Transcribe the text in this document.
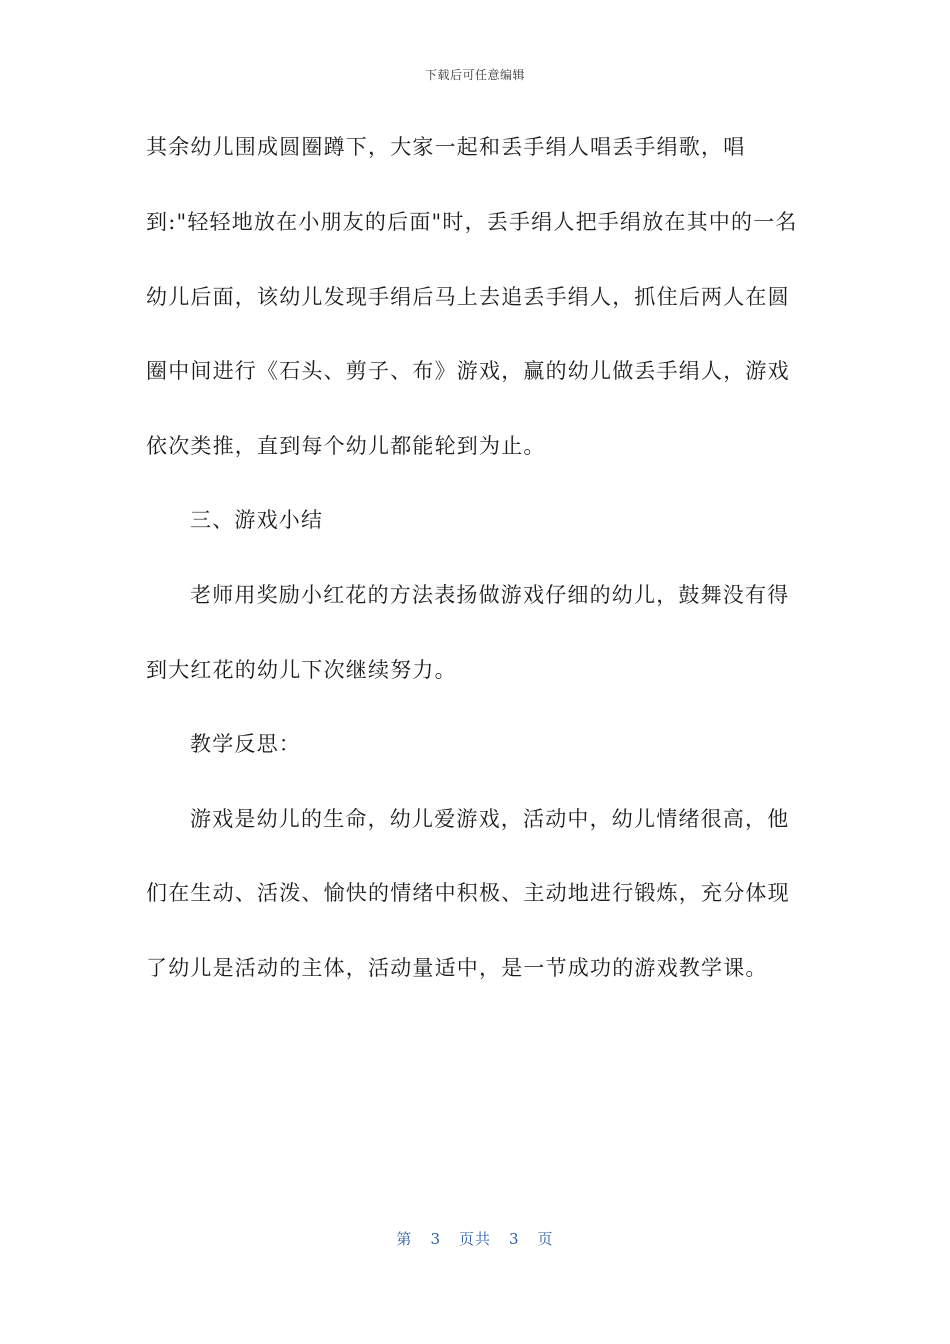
下载后可任意编辑
其余幼儿围成圆圈蹲下，大家一起和丢手绢人唱丢手绢歌，唱
到:"轻轻地放在小朋友的后面"时，丢手绢人把手绢放在其中的一名
幼儿后面，该幼儿发现手绢后马上去追丢手绢人，抓住后两人在圆
圈中间进行《石头、剪子、布》游戏，赢的幼儿做丢手绢人，游戏
依次类推，直到每个幼儿都能轮到为止。
三、游戏小结
老师用奖励小红花的方法表扬做游戏仔细的幼儿，鼓舞没有得
到大红花的幼儿下次继续努力。
教学反思：
游戏是幼儿的生命，幼儿爱游戏，活动中，幼儿情绪很高，他
们在生动、活泼、愉快的情绪中积极、主动地进行锻炼，充分体现
了幼儿是活动的主体，活动量适中，是一节成功的游戏教学课。
第 3 页共 3 页
